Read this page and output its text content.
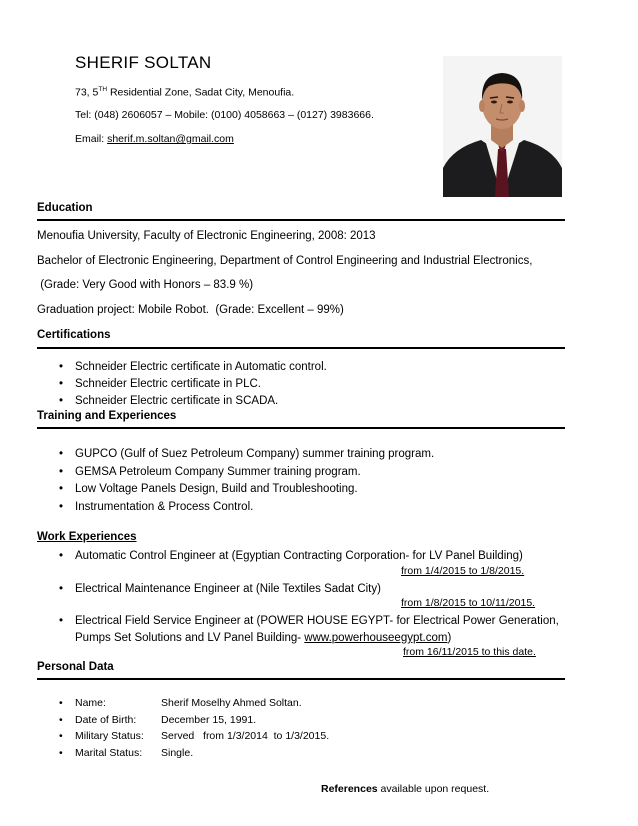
SHERIF SOLTAN
73, 5TH Residential Zone, Sadat City, Menoufia.
Tel: (048) 2606057 – Mobile: (0100) 4058663 – (0127) 3983666.
Email: sherif.m.soltan@gmail.com
Education
Menoufia University, Faculty of Electronic Engineering, 2008: 2013
Bachelor of Electronic Engineering, Department of Control Engineering and Industrial Electronics,
(Grade: Very Good with Honors – 83.9 %)
Graduation project: Mobile Robot.  (Grade: Excellent – 99%)
Certifications
• Schneider Electric certificate in Automatic control.
• Schneider Electric certificate in PLC.
• Schneider Electric certificate in SCADA.
Training and Experiences
• GUPCO (Gulf of Suez Petroleum Company) summer training program.
• GEMSA Petroleum Company Summer training program.
• Low Voltage Panels Design, Build and Troubleshooting.
• Instrumentation & Process Control.
Work Experiences
• Automatic Control Engineer at (Egyptian Contracting Corporation- for LV Panel Building)
from 1/4/2015 to 1/8/2015.
• Electrical Maintenance Engineer at (Nile Textiles Sadat City)
from 1/8/2015 to 10/11/2015.
• Electrical Field Service Engineer at (POWER HOUSE EGYPT- for Electrical Power Generation,
Pumps Set Solutions and LV Panel Building- www.powerhouseegypt.com)
from 16/11/2015 to this date.
Personal Data
• Name:	Sherif Moselhy Ahmed Soltan.
• Date of Birth: December 15, 1991.
• Military Status: Served   from 1/3/2014  to 1/3/2015.
• Marital Status: Single.
References available upon request.
